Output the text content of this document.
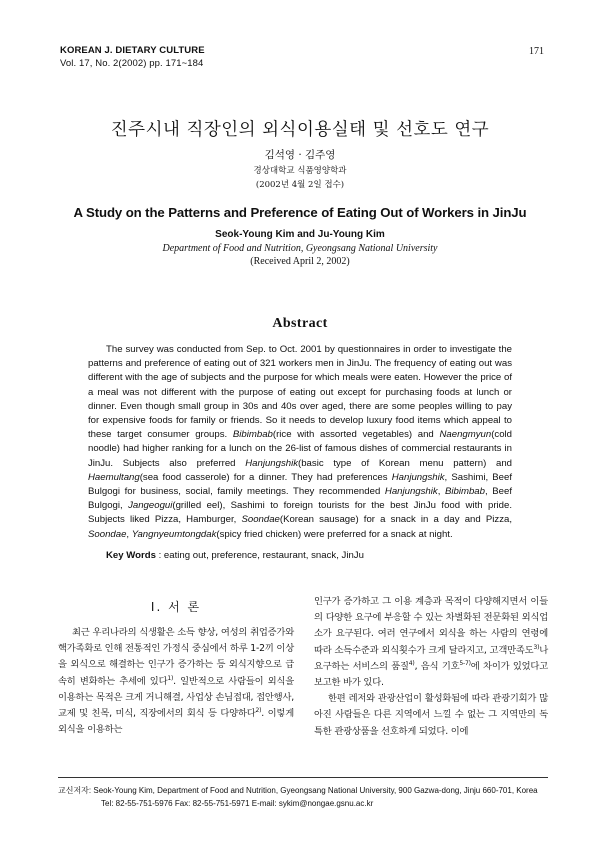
KOREAN J. DIETARY CULTURE
Vol. 17, No. 2(2002) pp. 171~184
171
진주시내 직장인의 외식이용실태 및 선호도 연구
김석영 · 김주영
경상대학교 식품영양학과
(2002년 4월 2일 접수)
A Study on the Patterns and Preference of Eating Out of Workers in JinJu
Seok-Young Kim and Ju-Young Kim
Department of Food and Nutrition, Gyeongsang National University
(Received April 2, 2002)
Abstract
The survey was conducted from Sep. to Oct. 2001 by questionnaires in order to investigate the patterns and preference of eating out of 321 workers men in JinJu. The frequency of eating out was different with the age of subjects and the purpose for which meals were eaten. However the price of a meal was not different with the purpose of eating out except for purchasing foods at lunch or dinner. Even though small group in 30s and 40s over aged, there are some peoples willing to pay for expensive foods for family or friends. So it needs to develop luxury food items which appeal to these target consumer groups. Bibimbab(rice with assorted vegetables) and Naengmyun(cold noodle) had higher ranking for a lunch on the 26-list of famous dishes of commercial restaurants in JinJu. Subjects also preferred Hanjungshik(basic type of Korean menu pattern) and Haemultang(sea food casserole) for a dinner. They had preferences Hanjungshik, Sashimi, Beef Bulgogi for business, social, family meetings. They recommended Hanjungshik, Bibimbab, Beef Bulgogi, Jangeogui(grilled eel), Sashimi to foreign tourists for the best JinJu food with pride. Subjects liked Pizza, Hamburger, Soondae(Korean sausage) for a snack in a day and Pizza, Soondae, Yangnyeumtongdak(spicy fried chicken) were preferred for a snack at night.
Key Words : eating out, preference, restaurant, snack, JinJu
I. 서 론
최근 우리나라의 식생활은 소득 향상, 여성의 취업증가와 핵가족화로 인해 전통적인 가정식 중심에서 하루 1-2끼 이상을 외식으로 해결하는 인구가 증가하는 등 외식지향으로 급속히 변화하는 추세에 있다$^{1)}$. 일반적으로 사람들이 외식을 이용하는 목적은 크게 거니해결, 사업상 손님접대, 접안행사, 교제 및 친목, 미식, 직장에서의 회식 등 다양하다$^{2)}$. 이렇게 외식을 이용하는

인구가 증가하고 그 이용 계층과 목적이 다양해지면서 이들의 다양한 요구에 부응할 수 있는 차별화된 전문화된 외식업소가 요구된다. 여러 연구에서 외식을 하는 사람의 연령에 따라 소득수준과 외식횟수가 크게 달라지고, 고객만족도$^{3)}$나 요구하는 서비스의 품질$^{4)}$, 음식 기호$^{5-7)}$에 차이가 있었다고 보고한 바가 있다.

한편 레저와 관광산업이 활성화됨에 따라 관광기회가 많아진 사람들은 다른 지역에서 느낄 수 없는 그 지역만의 독특한 관광상품을 선호하게 되었다. 이에

교신저자: Seok-Young Kim, Department of Food and Nutrition, Gyeongsang National University, 900 Gazwa-dong, Jinju 660-701, Korea
Tel: 82-55-751-5976 Fax: 82-55-751-5971 E-mail: sykim@nongae.gsnu.ac.kr
